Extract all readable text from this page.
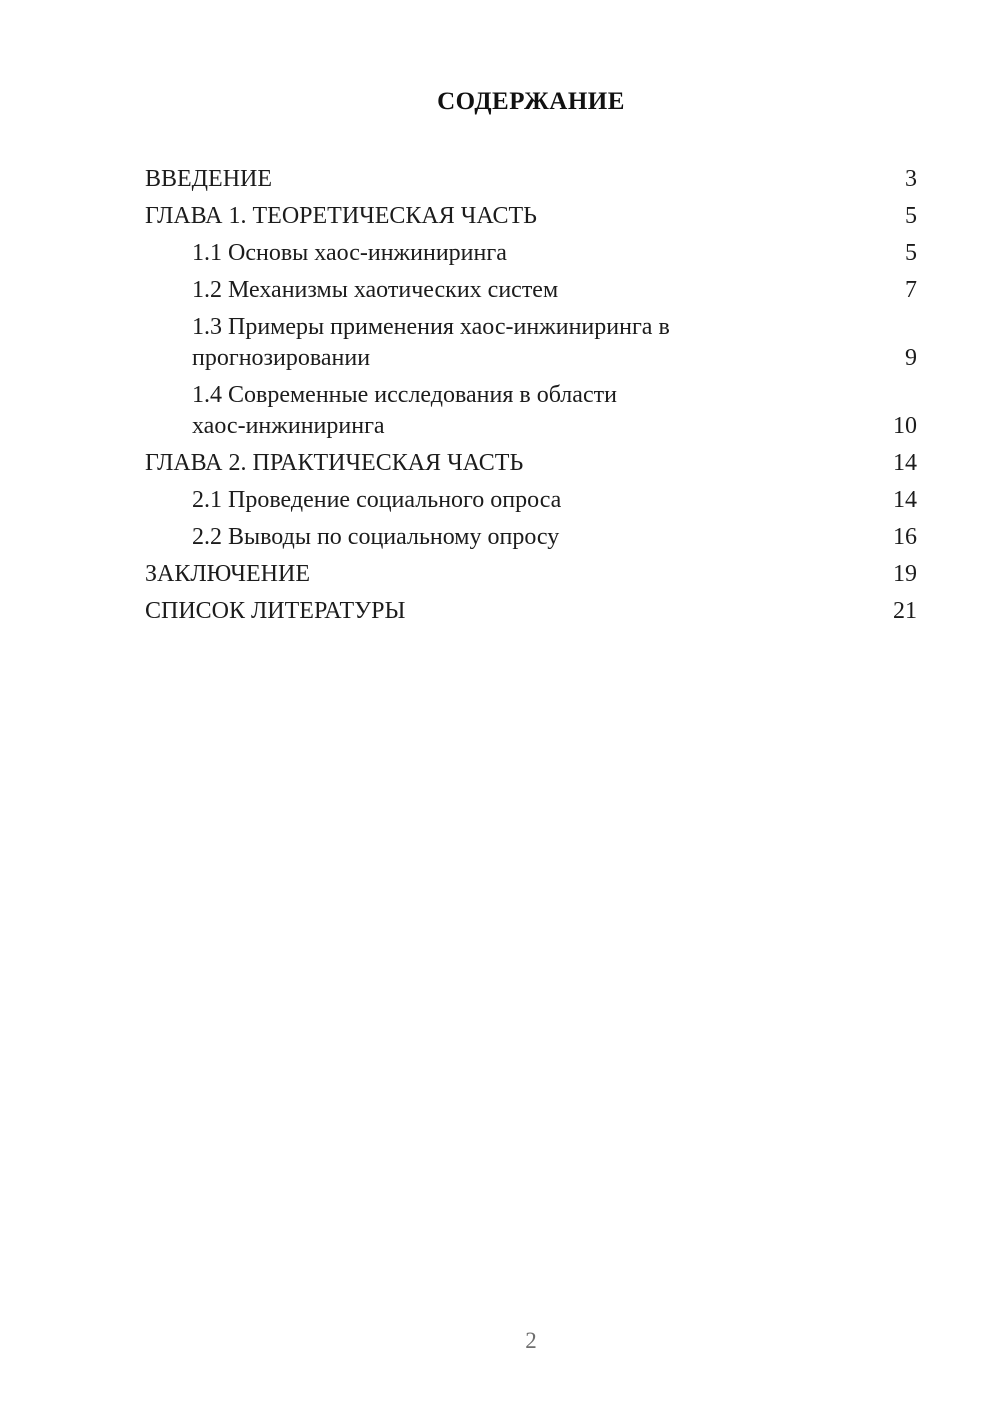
СОДЕРЖАНИЕ
ВВЕДЕНИЕ	3
ГЛАВА 1. ТЕОРЕТИЧЕСКАЯ ЧАСТЬ	5
1.1 Основы хаос-инжиниринга	5
1.2 Механизмы хаотических систем	7
1.3 Примеры применения хаос-инжиниринга в прогнозировании	9
1.4 Современные исследования в области хаос-инжиниринга	10
ГЛАВА 2. ПРАКТИЧЕСКАЯ ЧАСТЬ	14
2.1 Проведение социального опроса	14
2.2 Выводы по социальному опросу	16
ЗАКЛЮЧЕНИЕ	19
СПИСОК ЛИТЕРАТУРЫ	21
2
